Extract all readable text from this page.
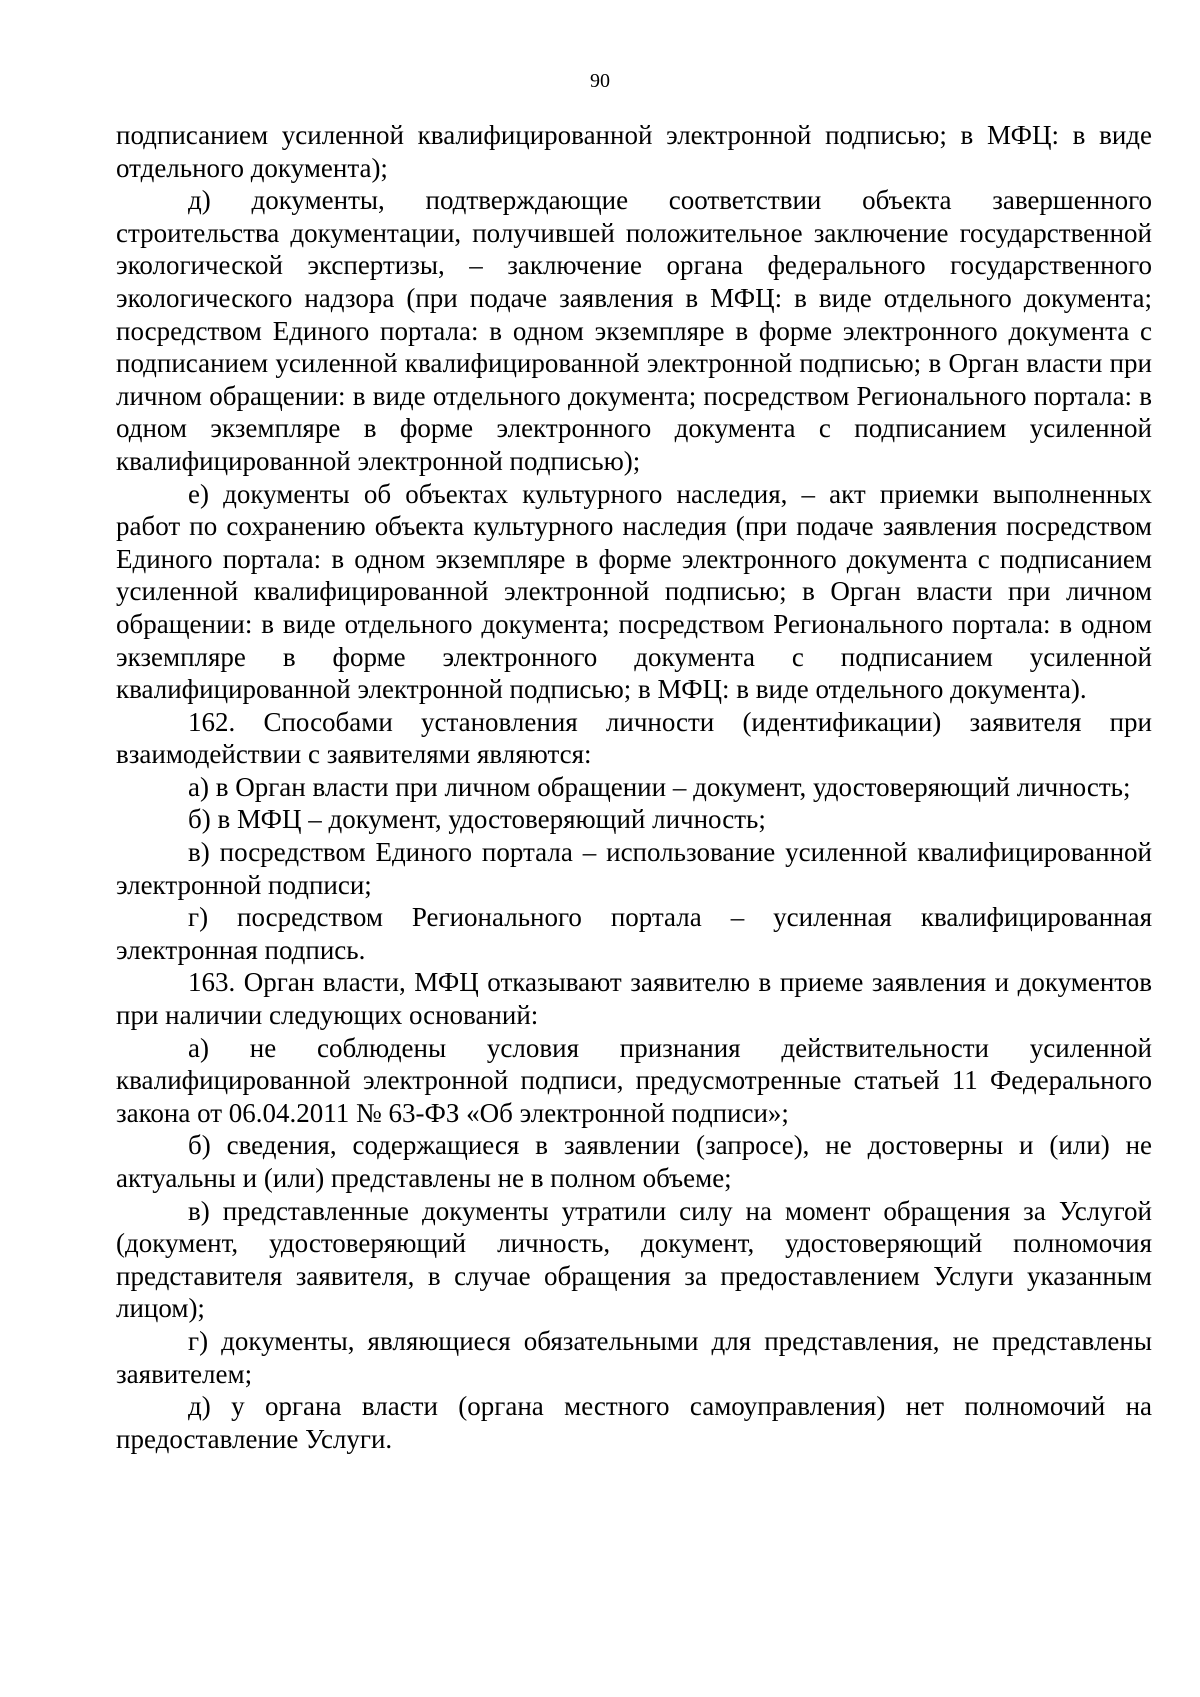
90

подписанием усиленной квалифицированной электронной подписью; в МФЦ: в виде отдельного документа);

д) документы, подтверждающие соответствии объекта завершенного строительства документации, получившей положительное заключение государственной экологической экспертизы, – заключение органа федерального государственного экологического надзора (при подаче заявления в МФЦ: в виде отдельного документа; посредством Единого портала: в одном экземпляре в форме электронного документа с подписанием усиленной квалифицированной электронной подписью; в Орган власти при личном обращении: в виде отдельного документа; посредством Регионального портала: в одном экземпляре в форме электронного документа с подписанием усиленной квалифицированной электронной подписью);

е) документы об объектах культурного наследия, – акт приемки выполненных работ по сохранению объекта культурного наследия (при подаче заявления посредством Единого портала: в одном экземпляре в форме электронного документа с подписанием усиленной квалифицированной электронной подписью; в Орган власти при личном обращении: в виде отдельного документа; посредством Регионального портала: в одном экземпляре в форме электронного документа с подписанием усиленной квалифицированной электронной подписью; в МФЦ: в виде отдельного документа).

162. Способами установления личности (идентификации) заявителя при взаимодействии с заявителями являются:

а) в Орган власти при личном обращении – документ, удостоверяющий личность;

б) в МФЦ – документ, удостоверяющий личность;

в) посредством Единого портала – использование усиленной квалифицированной электронной подписи;

г) посредством Регионального портала – усиленная квалифицированная электронная подпись.

163. Орган власти, МФЦ отказывают заявителю в приеме заявления и документов при наличии следующих оснований:

а) не соблюдены условия признания действительности усиленной квалифицированной электронной подписи, предусмотренные статьей 11 Федерального закона от 06.04.2011 № 63-ФЗ «Об электронной подписи»;

б) сведения, содержащиеся в заявлении (запросе), не достоверны и (или) не актуальны и (или) представлены не в полном объеме;

в) представленные документы утратили силу на момент обращения за Услугой (документ, удостоверяющий личность, документ, удостоверяющий полномочия представителя заявителя, в случае обращения за предоставлением Услуги указанным лицом);

г) документы, являющиеся обязательными для представления, не представлены заявителем;

д) у органа власти (органа местного самоуправления) нет полномочий на предоставление Услуги.
